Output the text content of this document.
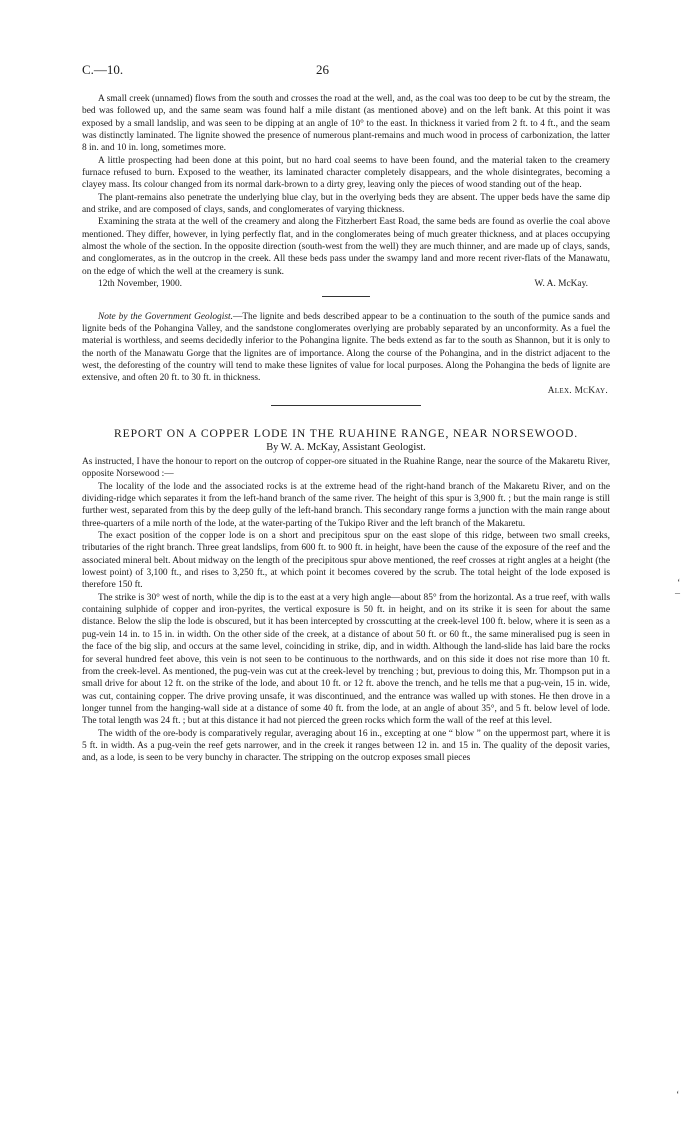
C.—10.	26

A small creek (unnamed) flows from the south and crosses the road at the well, and, as the coal was too deep to be cut by the stream, the bed was followed up, and the same seam was found half a mile distant (as mentioned above) and on the left bank. At this point it was exposed by a small landslip, and was seen to be dipping at an angle of 10° to the east. In thickness it varied from 2 ft. to 4 ft., and the seam was distinctly laminated. The lignite showed the presence of numerous plant-remains and much wood in process of carbonization, the latter 8 in. and 10 in. long, sometimes more.

A little prospecting had been done at this point, but no hard coal seems to have been found, and the material taken to the creamery furnace refused to burn. Exposed to the weather, its laminated character completely disappears, and the whole disintegrates, becoming a clayey mass. Its colour changed from its normal dark-brown to a dirty grey, leaving only the pieces of wood standing out of the heap.

The plant-remains also penetrate the underlying blue clay, but in the overlying beds they are absent. The upper beds have the same dip and strike, and are composed of clays, sands, and conglomerates of varying thickness.

Examining the strata at the well of the creamery and along the Fitzherbert East Road, the same beds are found as overlie the coal above mentioned. They differ, however, in lying perfectly flat, and in the conglomerates being of much greater thickness, and at places occupying almost the whole of the section. In the opposite direction (south-west from the well) they are much thinner, and are made up of clays, sands, and conglomerates, as in the outcrop in the creek. All these beds pass under the swampy land and more recent river-flats of the Manawatu, on the edge of which the well at the creamery is sunk.

12th November, 1900.	W. A. McKay.

Note by the Government Geologist.—The lignite and beds described appear to be a continuation to the south of the pumice sands and lignite beds of the Pohangina Valley, and the sandstone conglomerates overlying are probably separated by an unconformity. As a fuel the material is worthless, and seems decidedly inferior to the Pohangina lignite. The beds extend as far to the south as Shannon, but it is only to the north of the Manawatu Gorge that the lignites are of importance. Along the course of the Pohangina, and in the district adjacent to the west, the deforesting of the country will tend to make these lignites of value for local purposes. Along the Pohangina the beds of lignite are extensive, and often 20 ft. to 30 ft. in thickness.

Alex. McKay.
REPORT ON A COPPER LODE IN THE RUAHINE RANGE, NEAR NORSEWOOD.
By W. A. McKay, Assistant Geologist.

As instructed, I have the honour to report on the outcrop of copper-ore situated in the Ruahine Range, near the source of the Makaretu River, opposite Norsewood :—

The locality of the lode and the associated rocks is at the extreme head of the right-hand branch of the Makaretu River, and on the dividing-ridge which separates it from the left-hand branch of the same river. The height of this spur is 3,900 ft. ; but the main range is still further west, separated from this by the deep gully of the left-hand branch. This secondary range forms a junction with the main range about three-quarters of a mile north of the lode, at the water-parting of the Tukipo River and the left branch of the Makaretu.

The exact position of the copper lode is on a short and precipitous spur on the east slope of this ridge, between two small creeks, tributaries of the right branch. Three great landslips, from 600 ft. to 900 ft. in height, have been the cause of the exposure of the reef and the associated mineral belt. About midway on the length of the precipitous spur above mentioned, the reef crosses at right angles at a height (the lowest point) of 3,100 ft., and rises to 3,250 ft., at which point it becomes covered by the scrub. The total height of the lode exposed is therefore 150 ft.

The strike is 30° west of north, while the dip is to the east at a very high angle—about 85° from the horizontal. As a true reef, with walls containing sulphide of copper and iron-pyrites, the vertical exposure is 50 ft. in height, and on its strike it is seen for about the same distance. Below the slip the lode is obscured, but it has been intercepted by crosscutting at the creek-level 100 ft. below, where it is seen as a pug-vein 14 in. to 15 in. in width. On the other side of the creek, at a distance of about 50 ft. or 60 ft., the same mineralised pug is seen in the face of the big slip, and occurs at the same level, coinciding in strike, dip, and in width. Although the land-slide has laid bare the rocks for several hundred feet above, this vein is not seen to be continuous to the northwards, and on this side it does not rise more than 10 ft. from the creek-level. As mentioned, the pug-vein was cut at the creek-level by trenching ; but, previous to doing this, Mr. Thompson put in a small drive for about 12 ft. on the strike of the lode, and about 10 ft. or 12 ft. above the trench, and he tells me that a pug-vein, 15 in. wide, was cut, containing copper. The drive proving unsafe, it was discontinued, and the entrance was walled up with stones. He then drove in a longer tunnel from the hanging-wall side at a distance of some 40 ft. from the lode, at an angle of about 35°, and 5 ft. below level of lode. The total length was 24 ft. ; but at this distance it had not pierced the green rocks which form the wall of the reef at this level.

The width of the ore-body is comparatively regular, averaging about 16 in., excepting at one “ blow ” on the uppermost part, where it is 5 ft. in width. As a pug-vein the reef gets narrower, and in the creek it ranges between 12 in. and 15 in. The quality of the deposit varies, and, as a lode, is seen to be very bunchy in character. The stripping on the outcrop exposes small pieces

‘
–
‘
